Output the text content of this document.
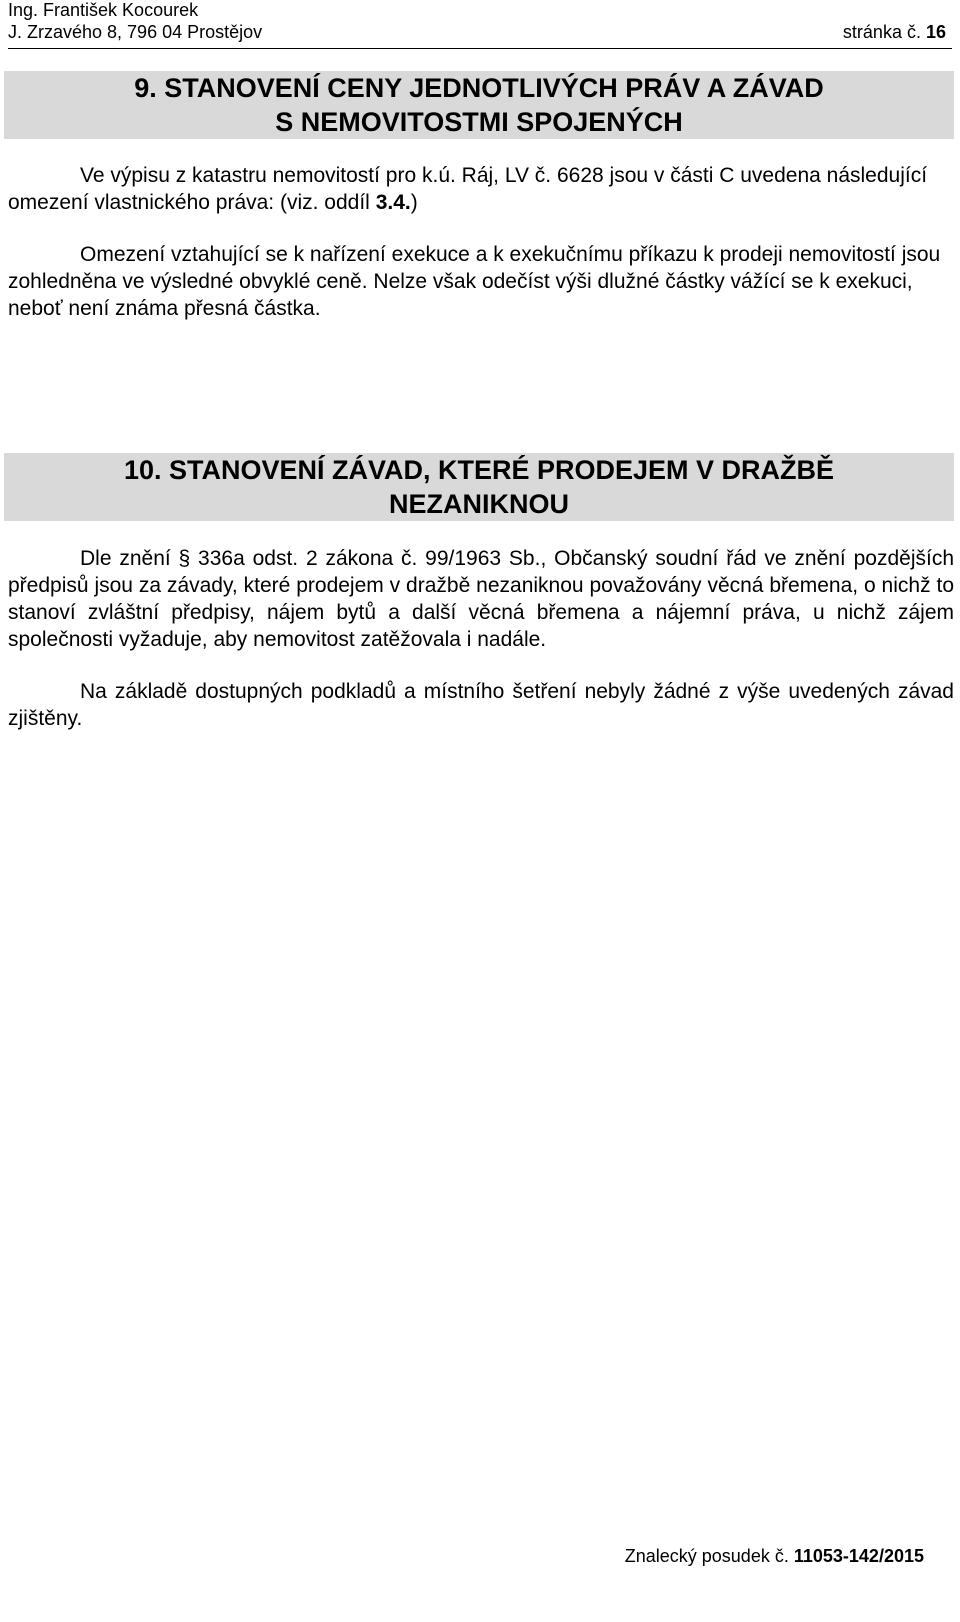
Ing. František Kocourek
J. Zrzavého 8, 796 04 Prostějov	stránka č. 16
9. STANOVENÍ CENY JEDNOTLIVÝCH PRÁV A ZÁVAD
S NEMOVITOSTMI SPOJENÝCH
Ve výpisu z katastru nemovitostí pro k.ú. Ráj, LV č. 6628 jsou v části C uvedena následující omezení vlastnického práva: (viz. oddíl 3.4.)
Omezení vztahující se k nařízení exekuce a k exekučnímu příkazu k prodeji nemovitostí jsou zohledněna ve výsledné obvyklé ceně. Nelze však odečíst výši dlužné částky vážící se k exekuci, neboť není známa přesná částka.
10. STANOVENÍ ZÁVAD, KTERÉ PRODEJEM V DRAŽBĚ
NEZANIKNOU
Dle znění § 336a odst. 2 zákona č. 99/1963 Sb., Občanský soudní řád ve znění pozdějších předpisů jsou za závady, které prodejem v dražbě nezaniknou považovány věcná břemena, o nichž to stanoví zvláštní předpisy, nájem bytů a další věcná břemena a nájemní práva, u nichž zájem společnosti vyžaduje, aby nemovitost zatěžovala i nadále.
Na základě dostupných podkladů a místního šetření nebyly žádné z výše uvedených závad zjištěny.
Znalecký posudek č. 11053-142/2015
